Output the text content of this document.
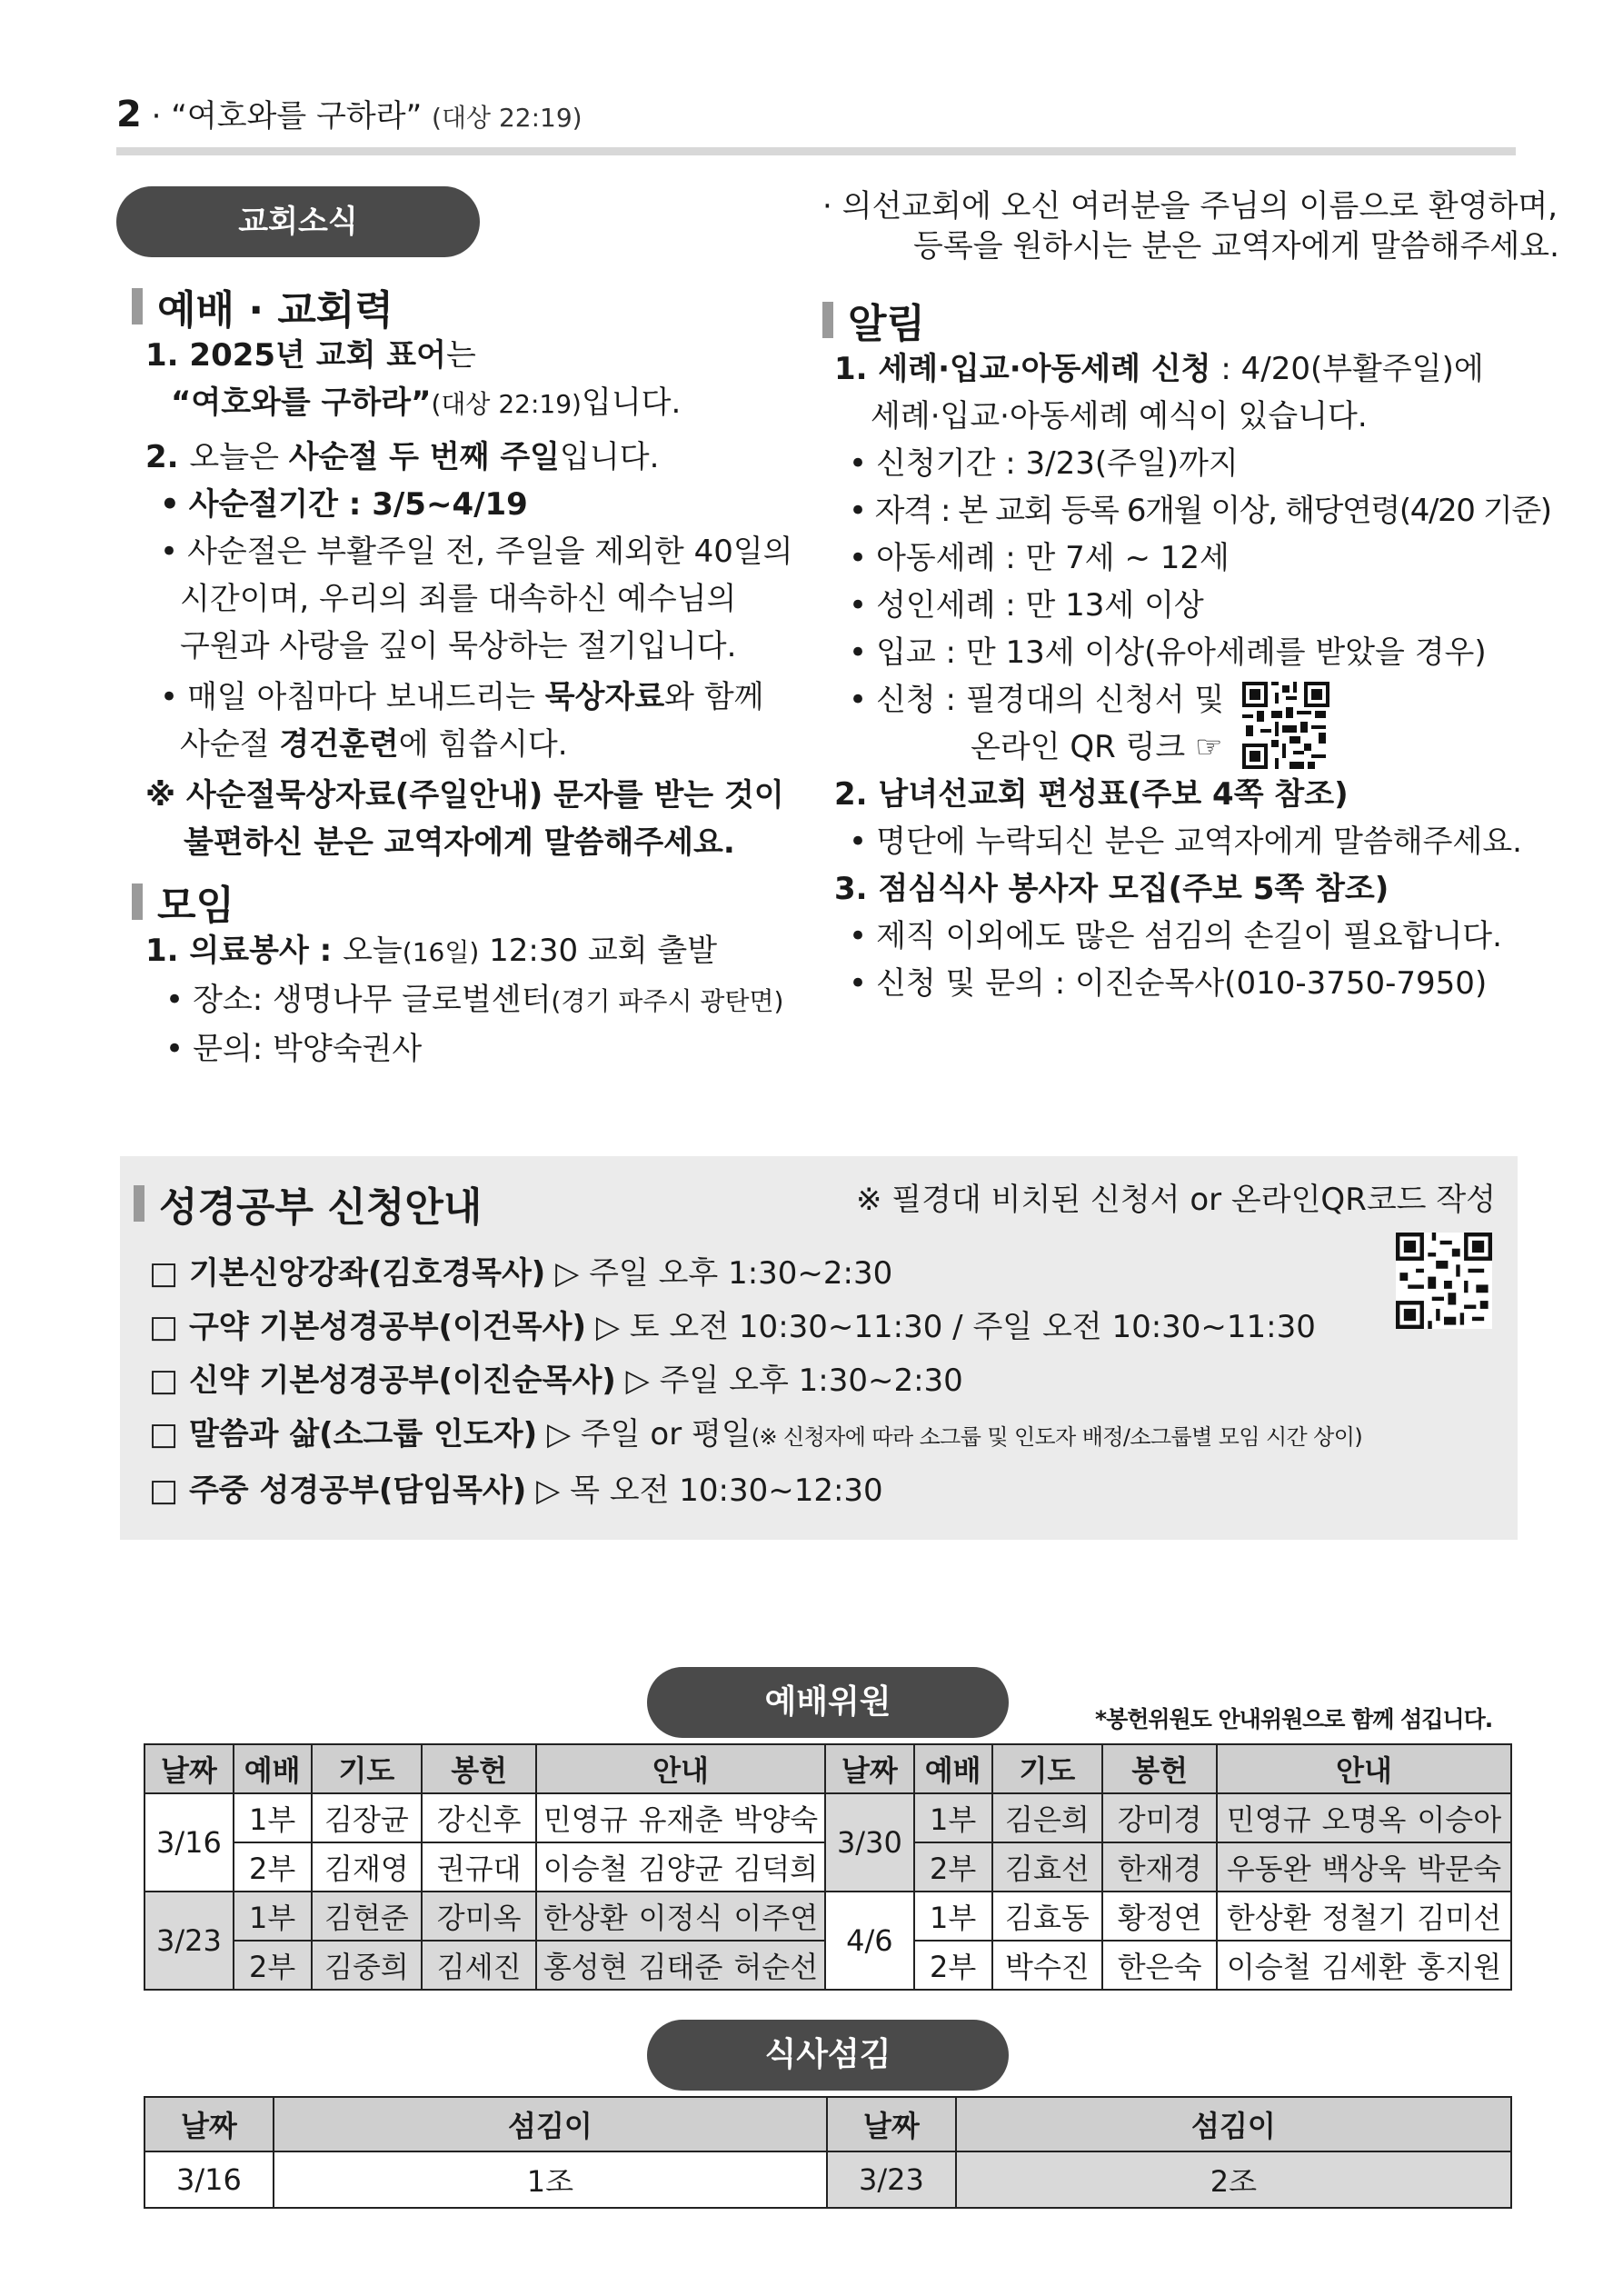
2 · “여호와를 구하라” (대상 22:19)
교회소식
예배 · 교회력
1. 2025년 교회 표어는
“여호와를 구하라”(대상 22:19)입니다.
2. 오늘은 사순절 두 번째 주일입니다.
• 사순절기간 : 3/5~4/19
• 사순절은 부활주일 전, 주일을 제외한 40일의
시간이며, 우리의 죄를 대속하신 예수님의
구원과 사랑을 깊이 묵상하는 절기입니다.
• 매일 아침마다 보내드리는 묵상자료와 함께
사순절 경건훈련에 힘씁시다.
※ 사순절묵상자료(주일안내) 문자를 받는 것이
불편하신 분은 교역자에게 말씀해주세요.
모임
1. 의료봉사 : 오늘(16일) 12:30 교회 출발
• 장소: 생명나무 글로벌센터(경기 파주시 광탄면)
• 문의: 박양숙권사
· 의선교회에 오신 여러분을 주님의 이름으로 환영하며,
등록을 원하시는 분은 교역자에게 말씀해주세요.
알림
1. 세례·입교·아동세례 신청 : 4/20(부활주일)에
세례·입교·아동세례 예식이 있습니다.
• 신청기간 : 3/23(주일)까지
• 자격 : 본 교회 등록 6개월 이상, 해당연령(4/20 기준)
• 아동세례 : 만 7세 ~ 12세
• 성인세례 : 만 13세 이상
• 입교 : 만 13세 이상(유아세례를 받았을 경우)
• 신청 : 필경대의 신청서 및
온라인 QR 링크 ☞
2. 남녀선교회 편성표(주보 4쪽 참조)
• 명단에 누락되신 분은 교역자에게 말씀해주세요.
3. 점심식사 봉사자 모집(주보 5쪽 참조)
• 제직 이외에도 많은 섬김의 손길이 필요합니다.
• 신청 및 문의 : 이진순목사(010-3750-7950)
성경공부 신청안내	※ 필경대 비치된 신청서 or 온라인QR코드 작성
□ 기본신앙강좌(김호경목사) ▷ 주일 오후 1:30~2:30
□ 구약 기본성경공부(이건목사) ▷ 토 오전 10:30~11:30 / 주일 오전 10:30~11:30
□ 신약 기본성경공부(이진순목사) ▷ 주일 오후 1:30~2:30
□ 말씀과 삶(소그룹 인도자) ▷ 주일 or 평일(※ 신청자에 따라 소그룹 및 인도자 배정/소그룹별 모임 시간 상이)
□ 주중 성경공부(담임목사) ▷ 목 오전 10:30~12:30
예배위원	*봉헌위원도 안내위원으로 함께 섬깁니다.
날짜	예배	기도	봉헌	안내	날짜	예배	기도	봉헌	안내
3/16	1부	김장균	강신후	민영규 유재춘 박양숙	3/30	1부	김은희	강미경	민영규 오명옥 이승아
	2부	김재영	권규대	이승철 김양균 김덕희		2부	김효선	한재경	우동완 백상욱 박문숙
3/23	1부	김현준	강미옥	한상환 이정식 이주연	4/6	1부	김효동	황정연	한상환 정철기 김미선
	2부	김중희	김세진	홍성현 김태준 허순선		2부	박수진	한은숙	이승철 김세환 홍지원
식사섬김
날짜	섬김이	날짜	섬김이
3/16	1조	3/23	2조
